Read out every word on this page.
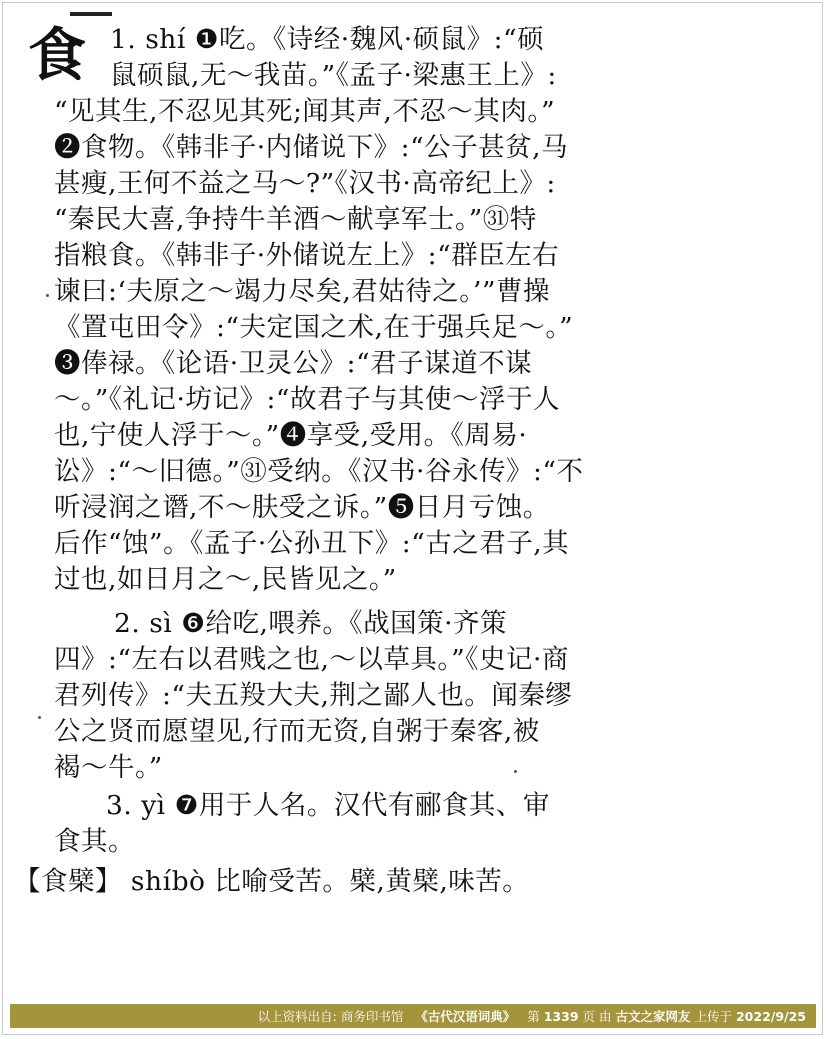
食 1. shí ❶吃。《诗经·魏风·硕鼠》:“硕
鼠硕鼠,无～我苗。”《孟子·梁惠王上》:
“见其生,不忍见其死;闻其声,不忍～其肉。”
❷食物。《韩非子·内储说下》:“公子甚贫,马
甚瘦,王何不益之马～?”《汉书·高帝纪上》:
“秦民大喜,争持牛羊酒～献享军士。”㉛特
指粮食。《韩非子·外储说左上》:“群臣左右
谏曰:‘夫原之～竭力尽矣,君姑待之。’”曹操
《置屯田令》:“夫定国之术,在于强兵足～。”
❸俸禄。《论语·卫灵公》:“君子谋道不谋
～。”《礼记·坊记》:“故君子与其使～浮于人
也,宁使人浮于～。”❹享受,受用。《周易·
讼》:“～旧德。”㉛受纳。《汉书·谷永传》:“不
听浸润之谮,不～肤受之诉。”❺日月亏蚀。
后作“蚀”。《孟子·公孙丑下》:“古之君子,其
过也,如日月之～,民皆见之。”
2. sì ❻给吃,喂养。《战国策·齐策
四》:“左右以君贱之也,～以草具。”《史记·商
君列传》:“夫五羖大夫,荆之鄙人也。闻秦缪
公之贤而愿望见,行而无资,自粥于秦客,被
褐～牛。”
3. yì ❼用于人名。汉代有郦食其、审
食其。
【食檗】 shíbò 比喻受苦。檗,黄檗,味苦。
以上资料出自:
商务印书馆
《古代汉语词典》
第
1339
页 由
古文之家网友
上传于
2022/9/25
